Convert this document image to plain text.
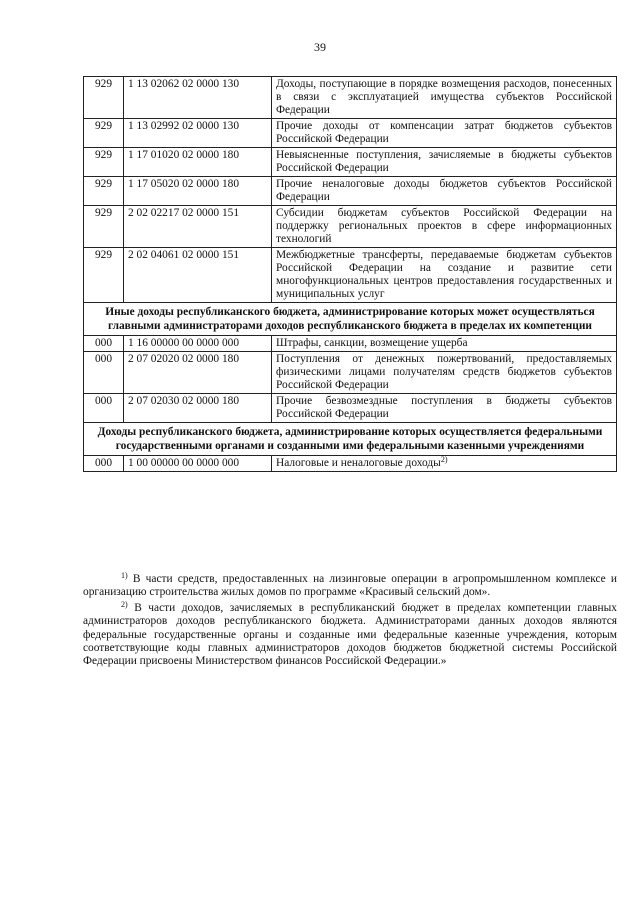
39
929	1 13 02062 02 0000 130	Доходы, поступающие в порядке возмещения расходов, понесенных в связи с эксплуатацией имущества субъектов Российской Федерации
929	1 13 02992 02 0000 130	Прочие доходы от компенсации затрат бюджетов субъектов Российской Федерации
929	1 17 01020 02 0000 180	Невыясненные поступления, зачисляемые в бюджеты субъектов Российской Федерации
929	1 17 05020 02 0000 180	Прочие неналоговые доходы бюджетов субъектов Российской Федерации
929	2 02 02217 02 0000 151	Субсидии бюджетам субъектов Российской Федерации на поддержку региональных проектов в сфере информационных технологий
929	2 02 04061 02 0000 151	Межбюджетные трансферты, передаваемые бюджетам субъектов Российской Федерации на создание и развитие сети многофункциональных центров предоставления государственных и муниципальных услуг
Иные доходы республиканского бюджета, администрирование которых может осуществляться главными администраторами доходов республиканского бюджета в пределах их компетенции		
000	1 16 00000 00 0000 000	Штрафы, санкции, возмещение ущерба
000	2 07 02020 02 0000 180	Поступления от денежных пожертвований, предоставляемых физическими лицами получателям средств бюджетов субъектов Российской Федерации
000	2 07 02030 02 0000 180	Прочие безвозмездные поступления в бюджеты субъектов Российской Федерации
Доходы республиканского бюджета, администрирование которых осуществляется федеральными государственными органами и созданными ими федеральными казенными учреждениями		
000	1 00 00000 00 0000 000	Налоговые и неналоговые доходы$^{2)}$

$^{1)}$ В части средств, предоставленных на лизинговые операции в агропромышленном комплексе и организацию строительства жилых домов по программе «Красивый сельский дом».

$^{2)}$ В части доходов, зачисляемых в республиканский бюджет в пределах компетенции главных администраторов доходов республиканского бюджета. Администраторами данных доходов являются федеральные государственные органы и созданные ими федеральные казенные учреждения, которым соответствующие коды главных администраторов доходов бюджетов бюджетной системы Российской Федерации присвоены Министерством финансов Российской Федерации.»
